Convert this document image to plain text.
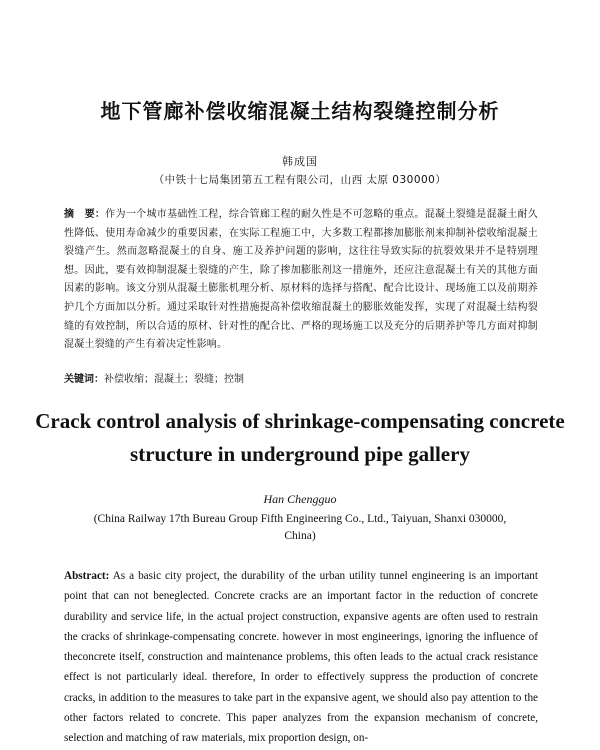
地下管廊补偿收缩混凝土结构裂缝控制分析
韩成国
（中铁十七局集团第五工程有限公司，山西 太原 030000）
摘　要：作为一个城市基础性工程，综合管廊工程的耐久性是不可忽略的重点。混凝土裂缝是混凝土耐久性降低、使用寿命减少的重要因素，在实际工程施工中，大多数工程都掺加膨胀剂来抑制补偿收缩混凝土裂缝产生。然而忽略混凝土的自身、施工及养护问题的影响，这往往导致实际的抗裂效果并不是特别理想。因此，要有效抑制混凝土裂缝的产生，除了掺加膨胀剂这一措施外，还应注意混凝土有关的其他方面因素的影响。该文分别从混凝土膨胀机理分析、原材料的选择与搭配、配合比设计、现场施工以及前期养护几个方面加以分析。通过采取针对性措施提高补偿收缩混凝土的膨胀效能发挥，实现了对混凝土结构裂缝的有效控制，所以合适的原材、针对性的配合比、严格的现场施工以及充分的后期养护等几方面对抑制混凝土裂缝的产生有着决定性影响。
关键词：补偿收缩；混凝土；裂缝；控制
Crack control analysis of shrinkage-compensating concrete structure in underground pipe gallery
Han Chengguo
(China Railway 17th Bureau Group Fifth Engineering Co., Ltd., Taiyuan, Shanxi 030000, China)
Abstract: As a basic city project, the durability of the urban utility tunnel engineering is an important point that can not beneglected. Concrete cracks are an important factor in the reduction of concrete durability and service life, in the actual project construction, expansive agents are often used to restrain the cracks of shrinkage-compensating concrete. however in most engineerings, ignoring the influence of theconcrete itself, construction and maintenance problems, this often leads to the actual crack resistance effect is not particularly ideal. therefore, In order to effectively suppress the production of concrete cracks, in addition to the measures to take part in the expansive agent, we should also pay attention to the other factors related to concrete. This paper analyzes from the expansion mechanism of concrete, selection and matching of raw materials, mix proportion design, on-
